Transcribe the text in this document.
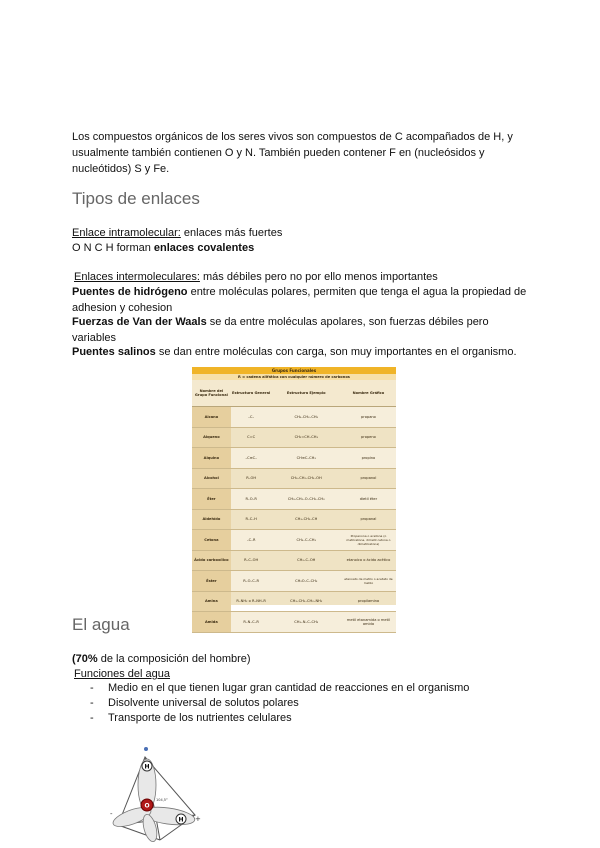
Los compuestos orgánicos de los seres vivos son compuestos de C acompañados de H, y usualmente también contienen O y N. También pueden contener F en (nucleósidos y nucleótidos) S y Fe.

Tipos de enlaces

Enlace intramolecular: enlaces más fuertes

O N C H forman enlaces covalentes

Enlaces intermoleculares: más débiles pero no por ello menos importantes

Puentes de hidrógeno entre moléculas polares, permiten que tenga el agua la propiedad de adhesion y cohesion

Fuerzas de Van der Waals se da entre moléculas apolares, son fuerzas débiles pero variables

Puentes salinos se dan entre moléculas con carga, son muy importantes en el organismo.

Grupos Funcionales
R = cadena alifática con cualquier número de carbonos
Nombre del Grupo Funcional	Estructura General	Estructura Ejemplo	Nombre Gráfico
Alcano	–C–	CH₃–CH₂–CH₃	propano
Alqueno	C=C	CH₂=CH–CH₃	propeno
Alquino	–C≡C–	CH≡C–CH₃	propino
Alcohol	R–OH	CH₃–CH₂–CH₂–OH	propanol
Éter	R–O–R	CH₃–CH₂–O–CH₂–CH₃	dietil éter
Aldehído	R–C–H	CH₃–CH₂–CH	propanal
Cetona	–C–R	CH₃–C–CH₃	Propanona o acetona (o metilcetona, dimetil cetona o dimetilcetona)
Ácido carboxílico	R–C–OH	CH₃–C–OH	etanoico o ácido acético
Éster	R–O–C–R	CH₃O–C–CH₃	etanoato de metilo o acetato de metilo
Amina	R–NH₂ o R–NH–R	CH₃–CH₂–CH₂–NH₂	propilamina
Amida	R–N–C–R	CH₃–N–C–CH₃	metil etanamida o metil amida
El agua

(70% de la composición del hombre)

Funciones del agua

- Medio en el que tienen lugar gran cantidad de reacciones en el organismo
- Disolvente universal de solutos polares
- Transporte de los nutrientes celulares
H
O
H
104,5°
+
-
